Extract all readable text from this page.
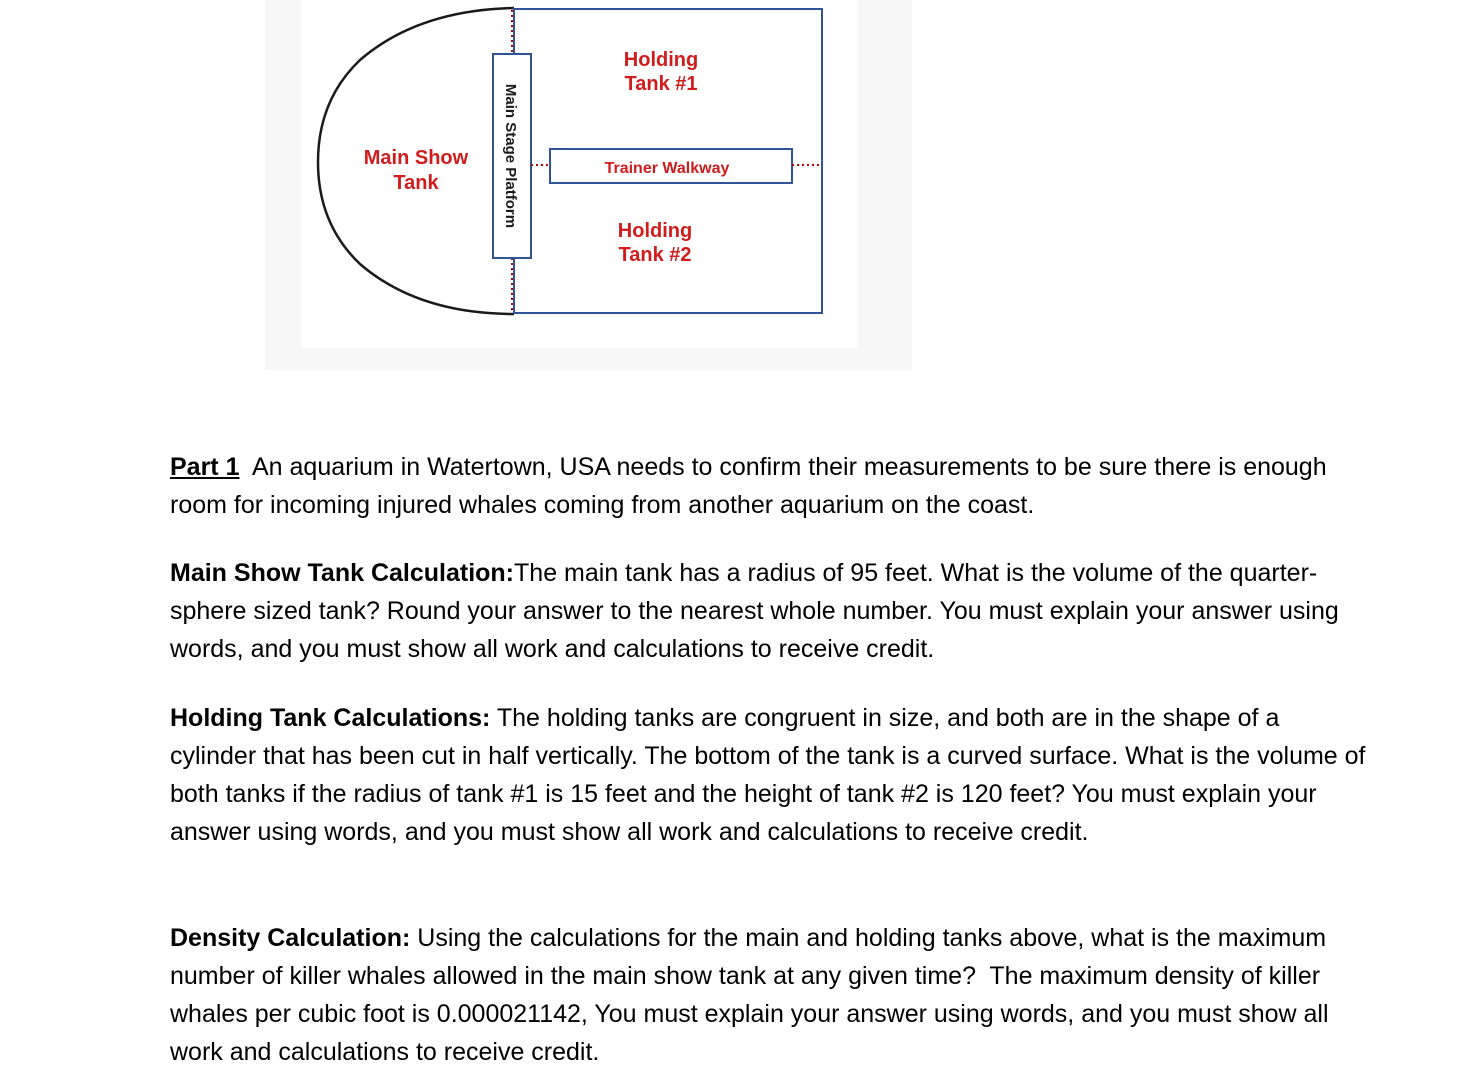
Main Stage Platform	Trainer Walkway
Main Show
Tank
Holding
Tank #1
Holding
Tank #2

Part 1  An aquarium in Watertown, USA needs to confirm their measurements to be sure there is enough room for incoming injured whales coming from another aquarium on the coast.

Main Show Tank Calculation:The main tank has a radius of 95 feet. What is the volume of the quarter-sphere sized tank? Round your answer to the nearest whole number. You must explain your answer using words, and you must show all work and calculations to receive credit.

Holding Tank Calculations: The holding tanks are congruent in size, and both are in the shape of a cylinder that has been cut in half vertically. The bottom of the tank is a curved surface. What is the volume of both tanks if the radius of tank #1 is 15 feet and the height of tank #2 is 120 feet? You must explain your answer using words, and you must show all work and calculations to receive credit.

Density Calculation: Using the calculations for the main and holding tanks above, what is the maximum number of killer whales allowed in the main show tank at any given time?  The maximum density of killer whales per cubic foot is 0.000021142, You must explain your answer using words, and you must show all work and calculations to receive credit.
